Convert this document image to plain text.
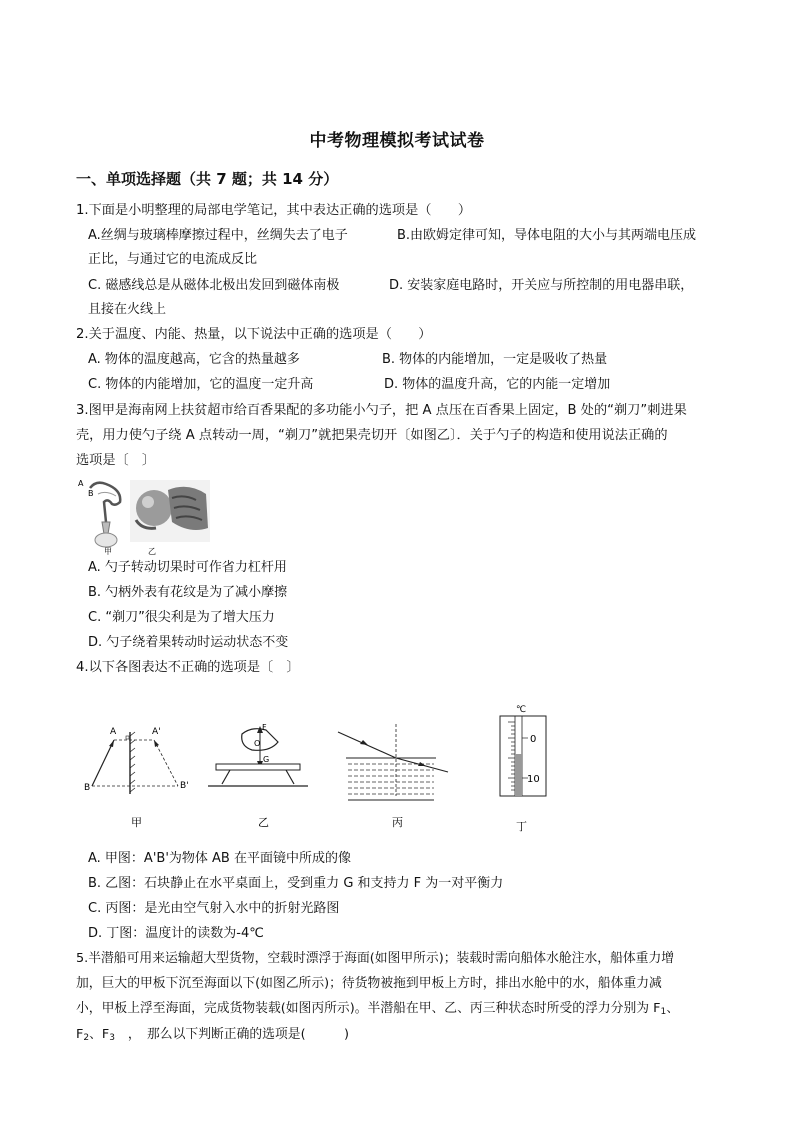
中考物理模拟考试试卷
一、单项选择题（共 7 题；共 14 分）
1.下面是小明整理的局部电学笔记，其中表达正确的选项是（　　）
A.丝绸与玻璃棒摩擦过程中，丝绸失去了电子	B.由欧姆定律可知，导体电阻的大小与其两端电压成
正比，与通过它的电流成反比
C. 磁感线总是从磁体北极出发回到磁体南极	D. 安装家庭电路时，开关应与所控制的用电器串联，
且接在火线上
2.关于温度、内能、热量，以下说法中正确的选项是（　　）
A. 物体的温度越高，它含的热量越多	B. 物体的内能增加，一定是吸收了热量
C. 物体的内能增加，它的温度一定升高	D. 物体的温度升高，它的内能一定增加
3.图甲是海南网上扶贫超市给百香果配的多功能小勺子，把 A 点压在百香果上固定，B 处的“剃刀”刺进果
壳，用力使勺子绕 A 点转动一周，“剃刀”就把果壳切开〔如图乙〕．关于勺子的构造和使用说法正确的
选项是〔　〕
A
B
甲	乙
A. 勺子转动切果时可作省力杠杆用
B. 勺柄外表有花纹是为了减小摩擦
C. “剃刀”很尖利是为了增大压力
D. 勺子绕着果转动时运动状态不变
4.以下各图表达不正确的选项是〔　〕
A	A'
B	B'
甲
F
O
G
乙	丙
℃
0
10
丁
A. 甲图：A'B'为物体 AB 在平面镜中所成的像
B. 乙图：石块静止在水平桌面上，受到重力 G 和支持力 F 为一对平衡力
C. 丙图：是光由空气射入水中的折射光路图
D. 丁图：温度计的读数为-4℃
5.半潜船可用来运输超大型货物，空载时漂浮于海面(如图甲所示)；装载时需向船体水舱注水，船体重力增
加，巨大的甲板下沉至海面以下(如图乙所示)；待货物被拖到甲板上方时，排出水舱中的水，船体重力减
小，甲板上浮至海面，完成货物装载(如图丙所示)。半潜船在甲、乙、丙三种状态时所受的浮力分别为 $F_1$、
$F_2$、$F_3$　，　那么以下判断正确的选项是(　　　)
